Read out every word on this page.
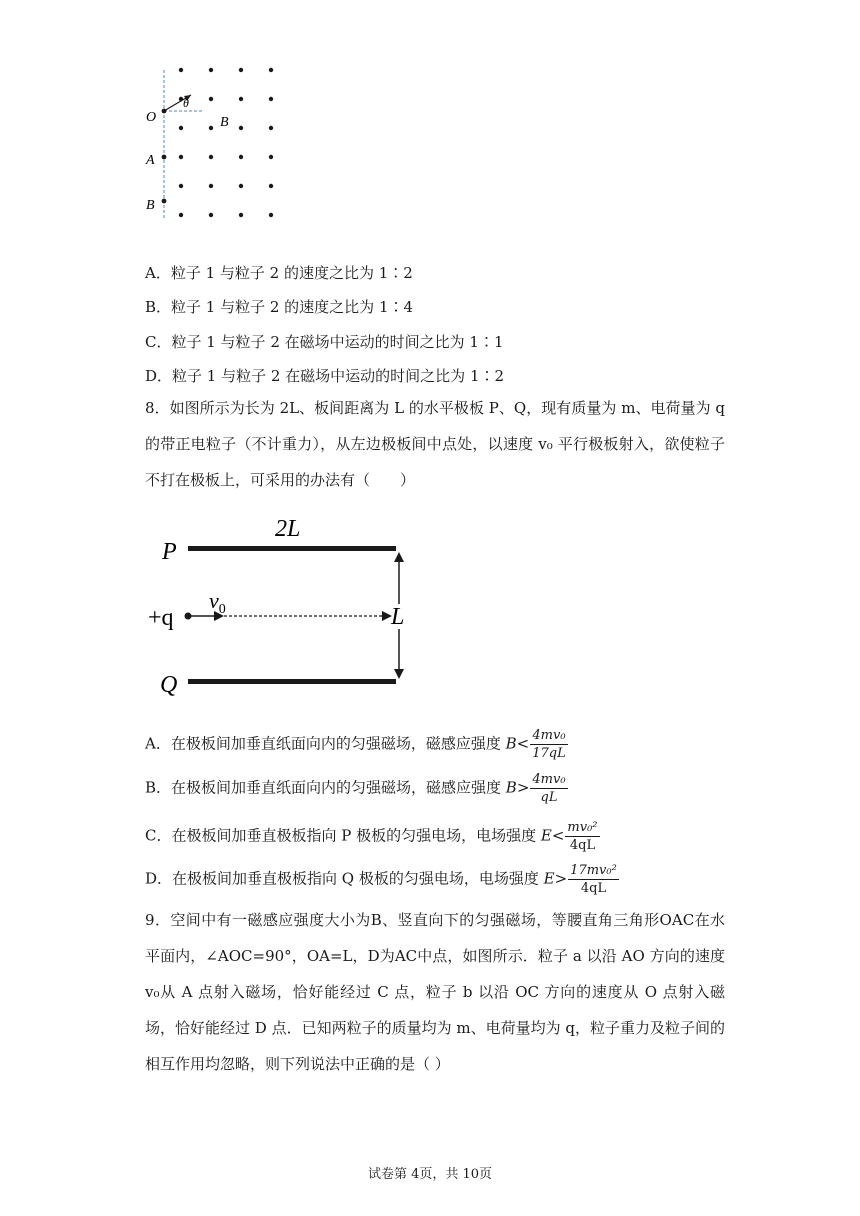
O
θ
B
A
B
A．粒子 1 与粒子 2 的速度之比为 1∶2
B．粒子 1 与粒子 2 的速度之比为 1∶4
C．粒子 1 与粒子 2 在磁场中运动的时间之比为 1∶1
D．粒子 1 与粒子 2 在磁场中运动的时间之比为 1∶2
8．如图所示为长为 2L、板间距离为 L 的水平极板 P、Q，现有质量为 m、电荷量为 q 的带正电粒子（不计重力），从左边极板间中点处，以速度 v₀ 平行极板射入，欲使粒子不打在极板上，可采用的办法有（　　）
P
Q
2L
+q
$v_0$	L
A．在极板间加垂直纸面向内的匀强磁场，磁感应强度 $B< \frac{\text{4mv₀}}{17qL}$
B．在极板间加垂直纸面向内的匀强磁场，磁感应强度 $B> \frac{\text{4mv₀}}{qL}$
C．在极板间加垂直极板指向 P 极板的匀强电场，电场强度 $E< \frac{\text{mv₀²}}{4qL}$
D．在极板间加垂直极板指向 Q 极板的匀强电场，电场强度 $E> \frac{\text{17mv₀²}}{4qL}$
9．空间中有一磁感应强度大小为B、竖直向下的匀强磁场，等腰直角三角形OAC在水平面内，∠AOC=90°，OA=L，D为AC中点，如图所示．粒子 a 以沿 AO 方向的速度v₀从 A 点射入磁场，恰好能经过 C 点，粒子 b 以沿 OC 方向的速度从 O 点射入磁场，恰好能经过 D 点．已知两粒子的质量均为 m、电荷量均为 q，粒子重力及粒子间的相互作用均忽略，则下列说法中正确的是（ ）
试卷第 4页，共 10页
